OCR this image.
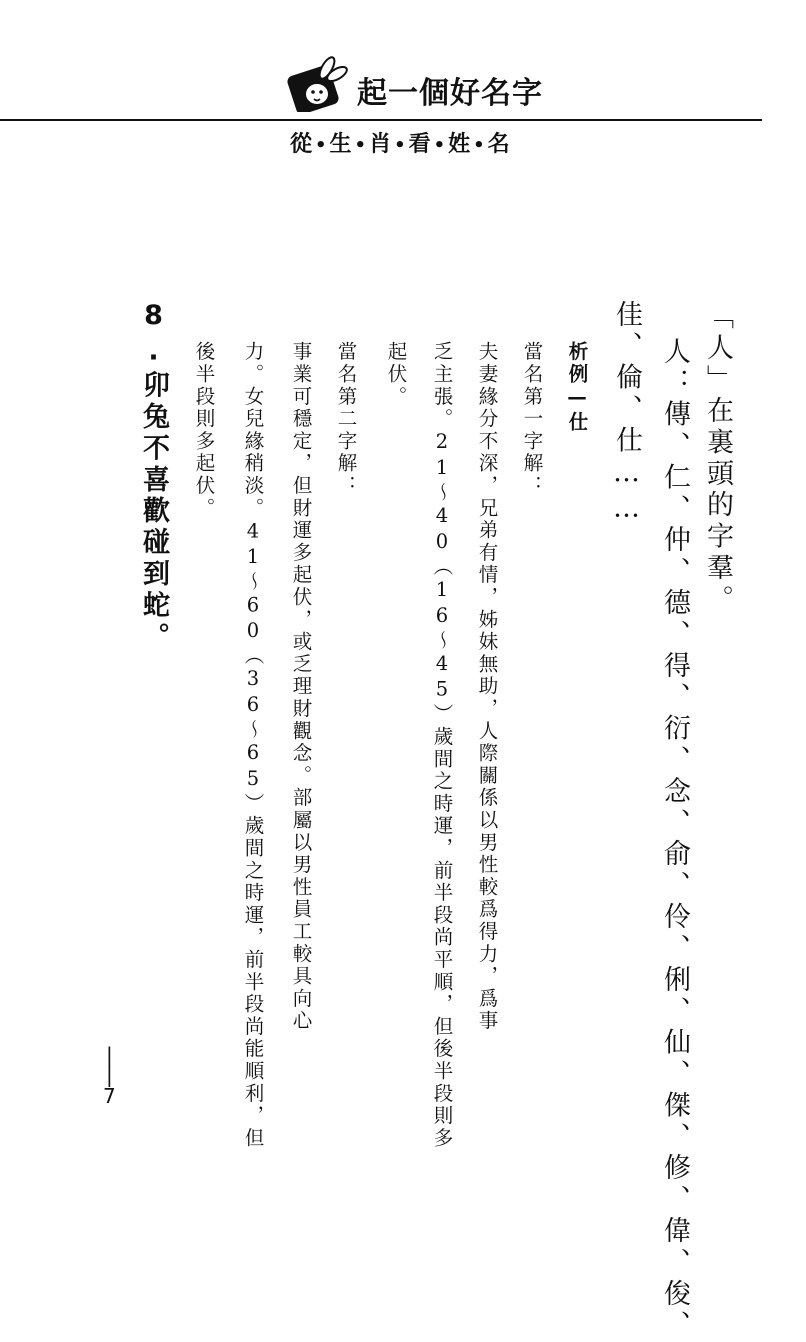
起一個好名字
從 • 生 • 肖 • 看 • 姓 • 名
「人」在裏頭的字羣。
人：傳、仁、仲、德、得、衍、念、俞、伶、俐、仙、傑、修、偉、俊、
佳、倫、仕……
析例—仕
當名第一字解：
夫妻緣分不深，兄弟有情，姊妹無助，人際關係以男性較爲得力，爲事
乏主張。21～40（16～45）歲間之時運，前半段尚平順，但後半段則多
起伏。
當名第二字解：
事業可穩定，但財運多起伏，或乏理財觀念。部屬以男性員工較具向心
力。女兒緣稍淡。41～60（36～65）歲間之時運，前半段尚能順利，但
後半段則多起伏。
8.卯兔不喜歡碰到蛇。
|
|
7
